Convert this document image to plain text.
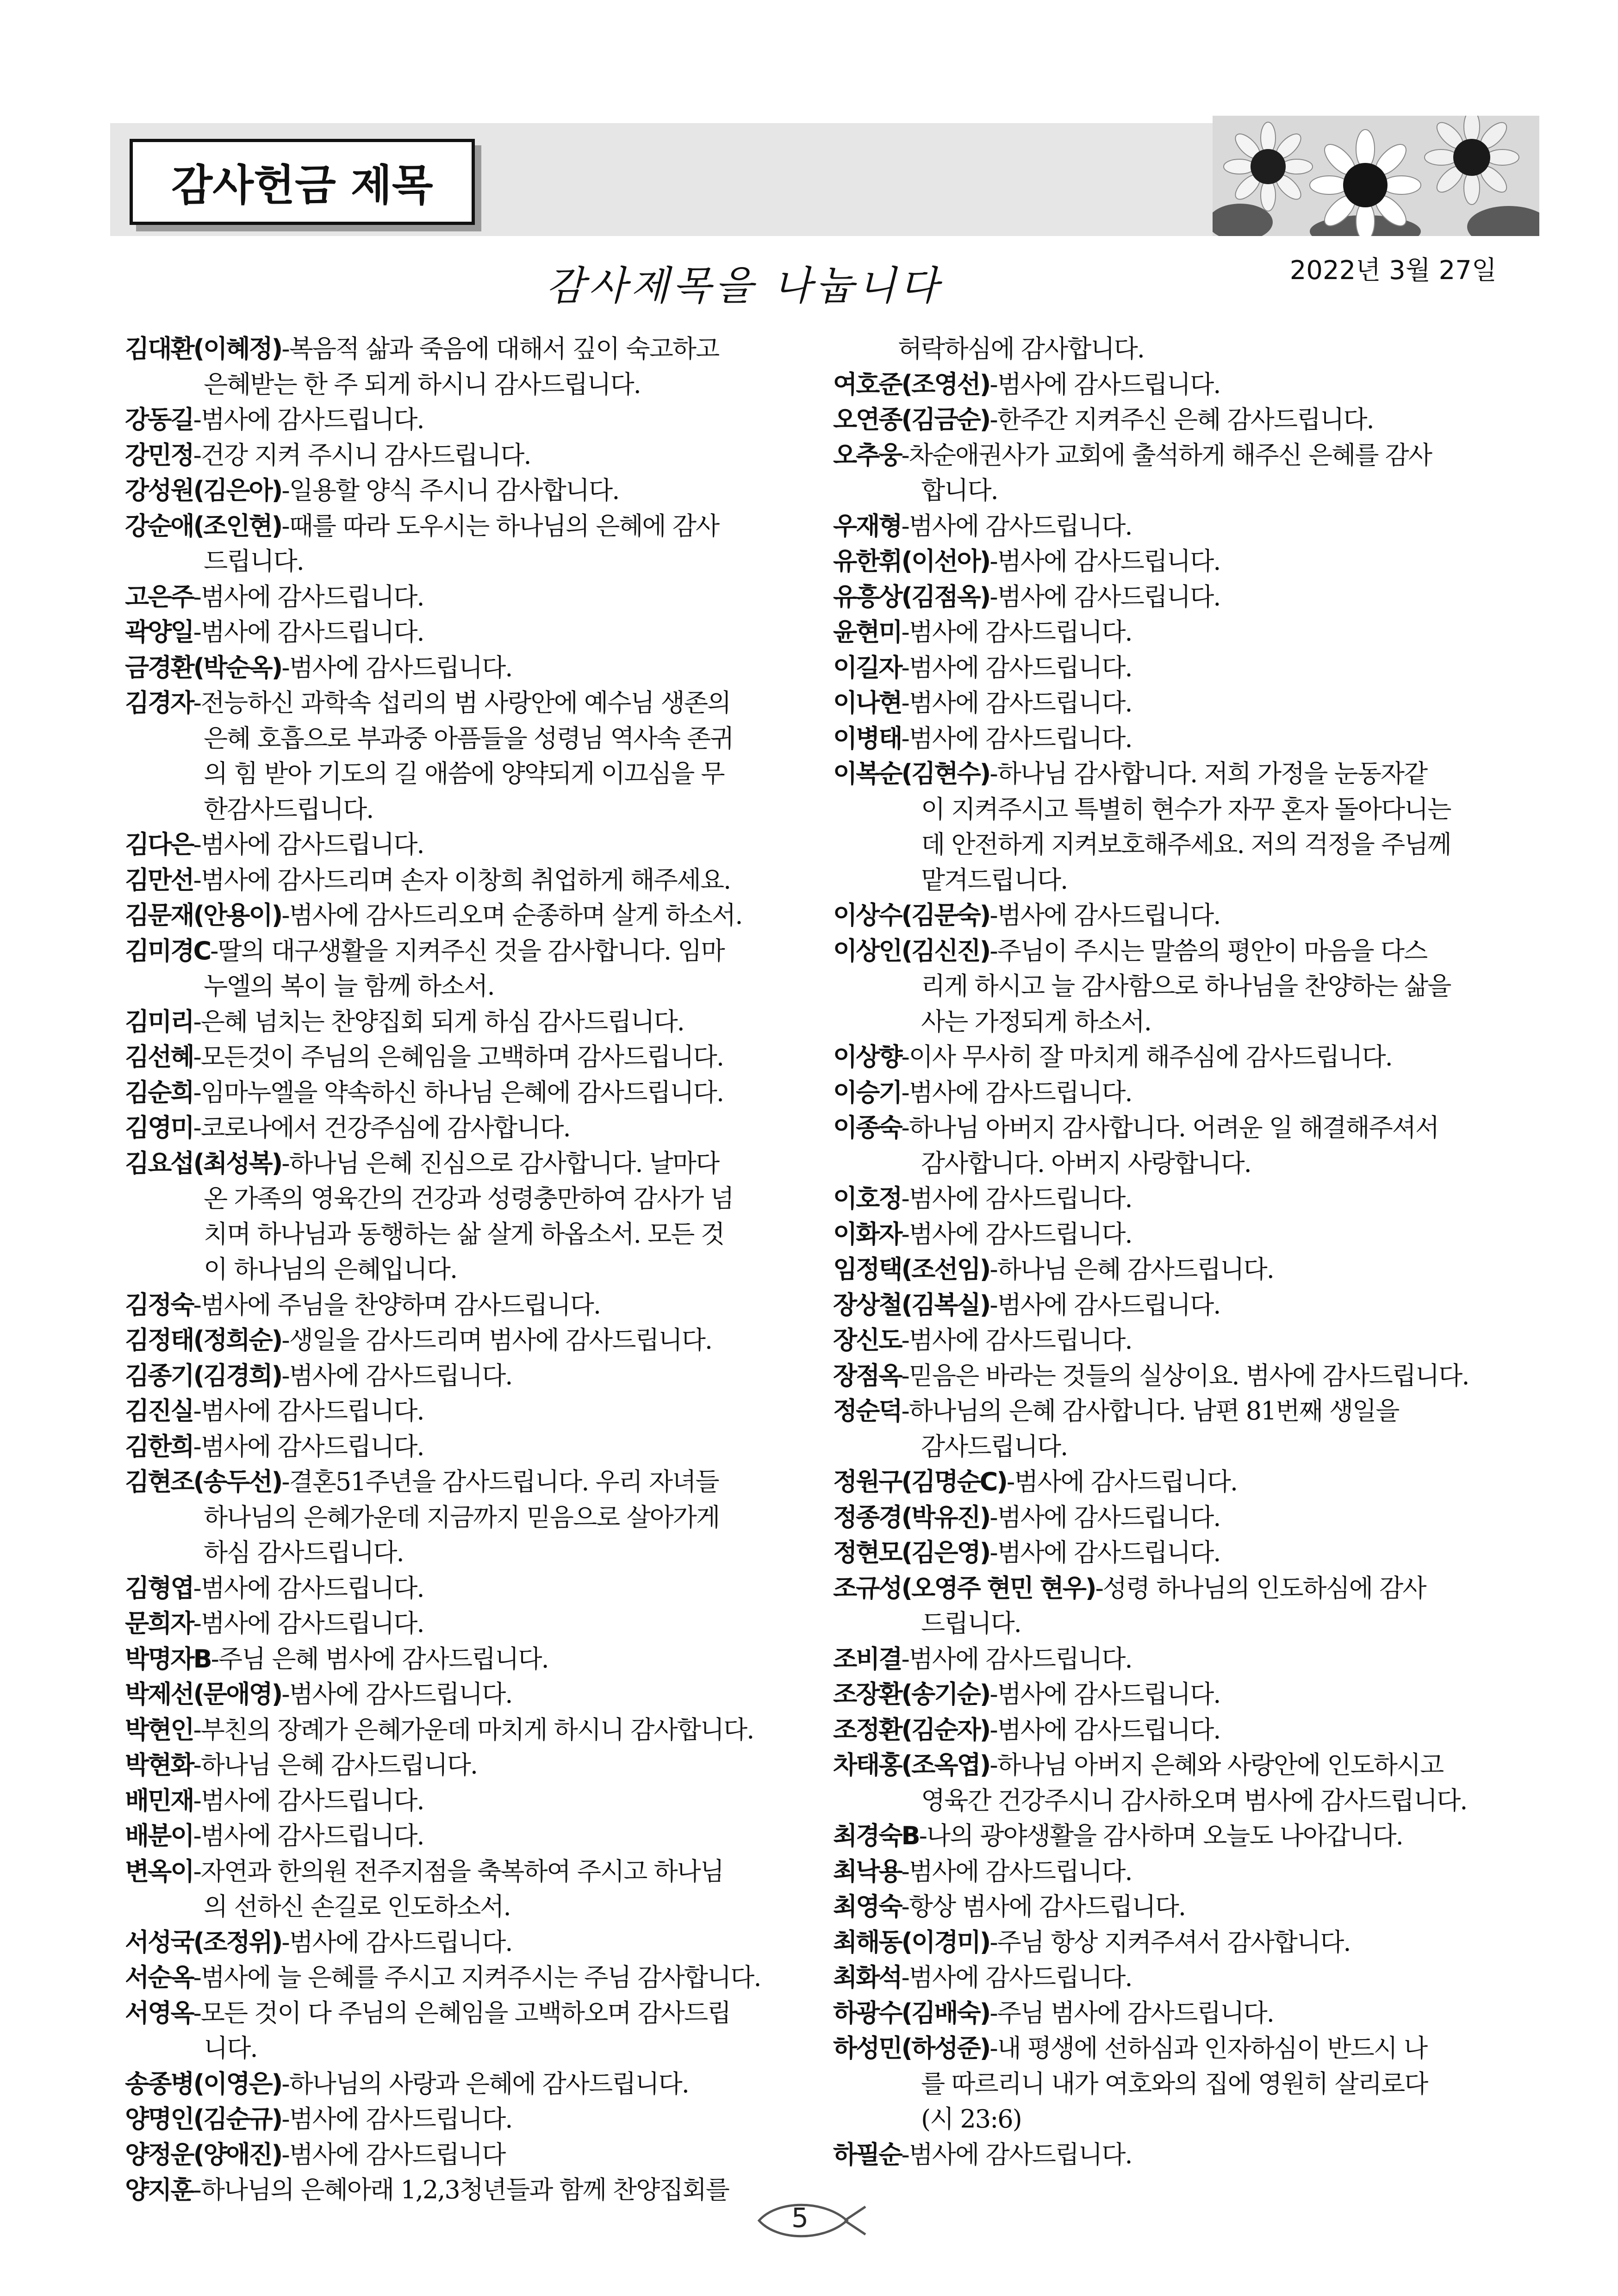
감사헌금 제목
감사제목을 나눕니다	2022년 3월 27일
김대환(이혜정)-복음적 삶과 죽음에 대해서 깊이 숙고하고
은혜받는 한 주 되게 하시니 감사드립니다.
강동길-범사에 감사드립니다.
강민정-건강 지켜 주시니 감사드립니다.
강성원(김은아)-일용할 양식 주시니 감사합니다.
강순애(조인현)-때를 따라 도우시는 하나님의 은혜에 감사
드립니다.
고은주-범사에 감사드립니다.
곽양일-범사에 감사드립니다.
금경환(박순옥)-범사에 감사드립니다.
김경자-전능하신 과학속 섭리의 범 사랑안에 예수님 생존의
은혜 호흡으로 부과중 아픔들을 성령님 역사속 존귀
의 힘 받아 기도의 길 애씀에 양약되게 이끄심을 무
한감사드립니다.
김다은-범사에 감사드립니다.
김만선-범사에 감사드리며 손자 이창희 취업하게 해주세요.
김문재(안용이)-범사에 감사드리오며 순종하며 살게 하소서.
김미경C-딸의 대구생활을 지켜주신 것을 감사합니다. 임마
누엘의 복이 늘 함께 하소서.
김미리-은혜 넘치는 찬양집회 되게 하심 감사드립니다.
김선혜-모든것이 주님의 은혜임을 고백하며 감사드립니다.
김순희-임마누엘을 약속하신 하나님 은혜에 감사드립니다.
김영미-코로나에서 건강주심에 감사합니다.
김요섭(최성복)-하나님 은혜 진심으로 감사합니다. 날마다
온 가족의 영육간의 건강과 성령충만하여 감사가 넘
치며 하나님과 동행하는 삶 살게 하옵소서. 모든 것
이 하나님의 은혜입니다.
김정숙-범사에 주님을 찬양하며 감사드립니다.
김정태(정희순)-생일을 감사드리며 범사에 감사드립니다.
김종기(김경희)-범사에 감사드립니다.
김진실-범사에 감사드립니다.
김한희-범사에 감사드립니다.
김현조(송두선)-결혼51주년을 감사드립니다. 우리 자녀들
하나님의 은혜가운데 지금까지 믿음으로 살아가게
하심 감사드립니다.
김형엽-범사에 감사드립니다.
문희자-범사에 감사드립니다.
박명자B-주님 은혜 범사에 감사드립니다.
박제선(문애영)-범사에 감사드립니다.
박현인-부친의 장례가 은혜가운데 마치게 하시니 감사합니다.
박현화-하나님 은혜 감사드립니다.
배민재-범사에 감사드립니다.
배분이-범사에 감사드립니다.
변옥이-자연과 한의원 전주지점을 축복하여 주시고 하나님
의 선하신 손길로 인도하소서.
서성국(조정위)-범사에 감사드립니다.
서순옥-범사에 늘 은혜를 주시고 지켜주시는 주님 감사합니다.
서영옥-모든 것이 다 주님의 은혜임을 고백하오며 감사드립
니다.
송종병(이영은)-하나님의 사랑과 은혜에 감사드립니다.
양명인(김순규)-범사에 감사드립니다.
양정운(양애진)-범사에 감사드립니다
양지훈-하나님의 은혜아래 1,2,3청년들과 함께 찬양집회를
허락하심에 감사합니다.
여호준(조영선)-범사에 감사드립니다.
오연종(김금순)-한주간 지켜주신 은혜 감사드립니다.
오추웅-차순애권사가 교회에 출석하게 해주신 은혜를 감사
합니다.
우재형-범사에 감사드립니다.
유한휘(이선아)-범사에 감사드립니다.
유흥상(김점옥)-범사에 감사드립니다.
윤현미-범사에 감사드립니다.
이길자-범사에 감사드립니다.
이나현-범사에 감사드립니다.
이병태-범사에 감사드립니다.
이복순(김현수)-하나님 감사합니다. 저희 가정을 눈동자같
이 지켜주시고 특별히 현수가 자꾸 혼자 돌아다니는
데 안전하게 지켜보호해주세요. 저의 걱정을 주님께
맡겨드립니다.
이상수(김문숙)-범사에 감사드립니다.
이상인(김신진)-주님이 주시는 말씀의 평안이 마음을 다스
리게 하시고 늘 감사함으로 하나님을 찬양하는 삶을
사는 가정되게 하소서.
이상향-이사 무사히 잘 마치게 해주심에 감사드립니다.
이승기-범사에 감사드립니다.
이종숙-하나님 아버지 감사합니다. 어려운 일 해결해주셔서
감사합니다. 아버지 사랑합니다.
이호정-범사에 감사드립니다.
이화자-범사에 감사드립니다.
임정택(조선임)-하나님 은혜 감사드립니다.
장상철(김복실)-범사에 감사드립니다.
장신도-범사에 감사드립니다.
장점옥-믿음은 바라는 것들의 실상이요. 범사에 감사드립니다.
정순덕-하나님의 은혜 감사합니다. 남편 81번째 생일을
감사드립니다.
정원구(김명순C)-범사에 감사드립니다.
정종경(박유진)-범사에 감사드립니다.
정현모(김은영)-범사에 감사드립니다.
조규성(오영주 현민 현우)-성령 하나님의 인도하심에 감사
드립니다.
조비결-범사에 감사드립니다.
조장환(송기순)-범사에 감사드립니다.
조정환(김순자)-범사에 감사드립니다.
차태홍(조옥엽)-하나님 아버지 은혜와 사랑안에 인도하시고
영육간 건강주시니 감사하오며 범사에 감사드립니다.
최경숙B-나의 광야생활을 감사하며 오늘도 나아갑니다.
최낙용-범사에 감사드립니다.
최영숙-항상 범사에 감사드립니다.
최해동(이경미)-주님 항상 지켜주셔서 감사합니다.
최화석-범사에 감사드립니다.
하광수(김배숙)-주님 범사에 감사드립니다.
하성민(하성준)-내 평생에 선하심과 인자하심이 반드시 나
를 따르리니 내가 여호와의 집에 영원히 살리로다
(시 23:6)
하필순-범사에 감사드립니다.
5
